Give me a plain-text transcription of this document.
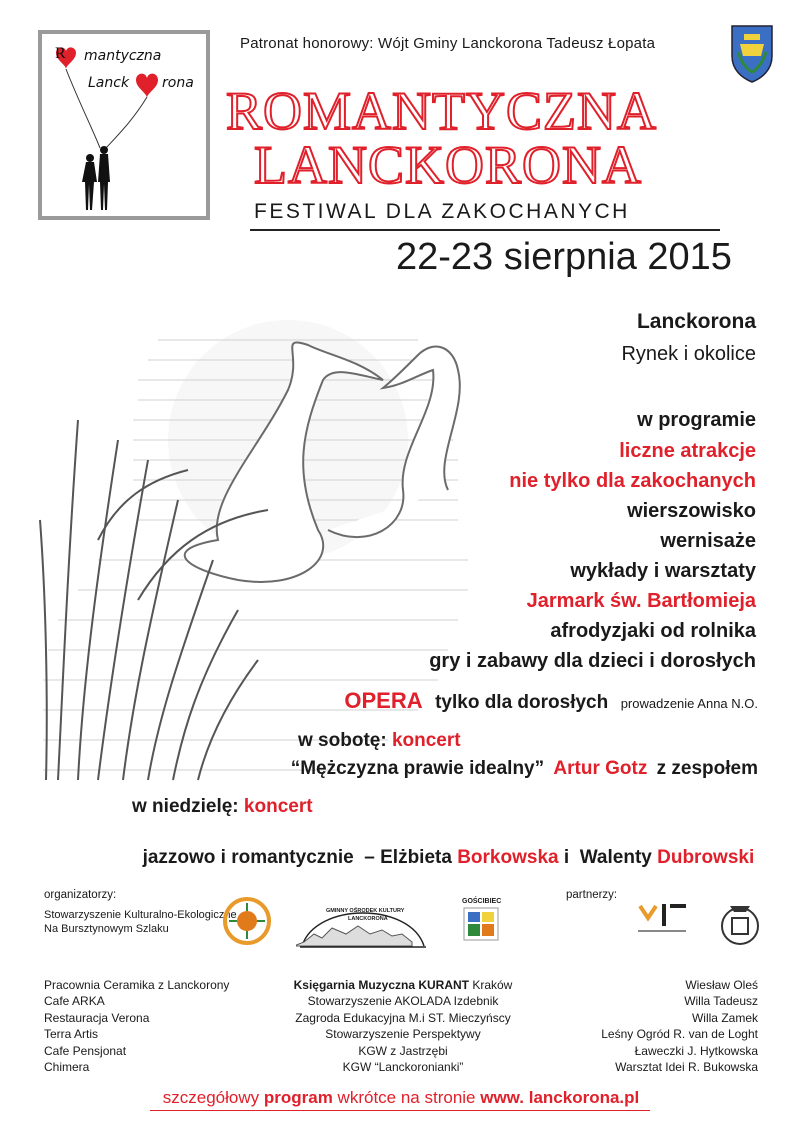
R mantyczna
Lanck rona
Patronat honorowy: Wójt Gminy Lanckorona Tadeusz Łopata
ROMANTYCZNA
LANCKORONA
FESTIWAL DLA ZAKOCHANYCH
22-23 sierpnia 2015
Lanckorona
Rynek i okolice
w programie
liczne atrakcje
nie tylko dla zakochanych
wierszowisko
wernisaże
wykłady i warsztaty
Jarmark św. Bartłomieja
afrodyzjaki od rolnika
gry i zabawy dla dzieci i dorosłych
OPERA tylko dla dorosłych prowadzenie Anna N.O.
w sobotę: koncert
“Mężczyzna prawie idealny” Artur Gotz z zespołem
w niedzielę: koncert

jazzowo i romantycznie  – Elżbieta Borkowska i  Walenty Dubrowski

organizatorzy:
Stowarzyszenie Kulturalno-Ekologiczne
Na Bursztynowym Szlaku
GMINNY OŚRODEK KULTURY
LANCKORONA
GOŚCIBIEC
partnerzy:
Pracownia Ceramika z Lanckorony
Cafe ARKA
Restauracja Verona
Terra Artis
Cafe Pensjonat
Chimera
Księgarnia Muzyczna KURANT Kraków
Stowarzyszenie AKOLADA Izdebnik
Zagroda Edukacyjna M.i ST. Mieczyńscy
Stowarzyszenie Perspektywy
KGW z Jastrzębi
KGW “Lanckoronianki”
Wiesław Oleś
Willa Tadeusz
Willa Zamek
Leśny Ogród R. van de Loght
Ławeczki J. Hytkowska
Warsztat Idei R. Bukowska
szczegółowy program wkrótce na stronie www. lanckorona.pl
